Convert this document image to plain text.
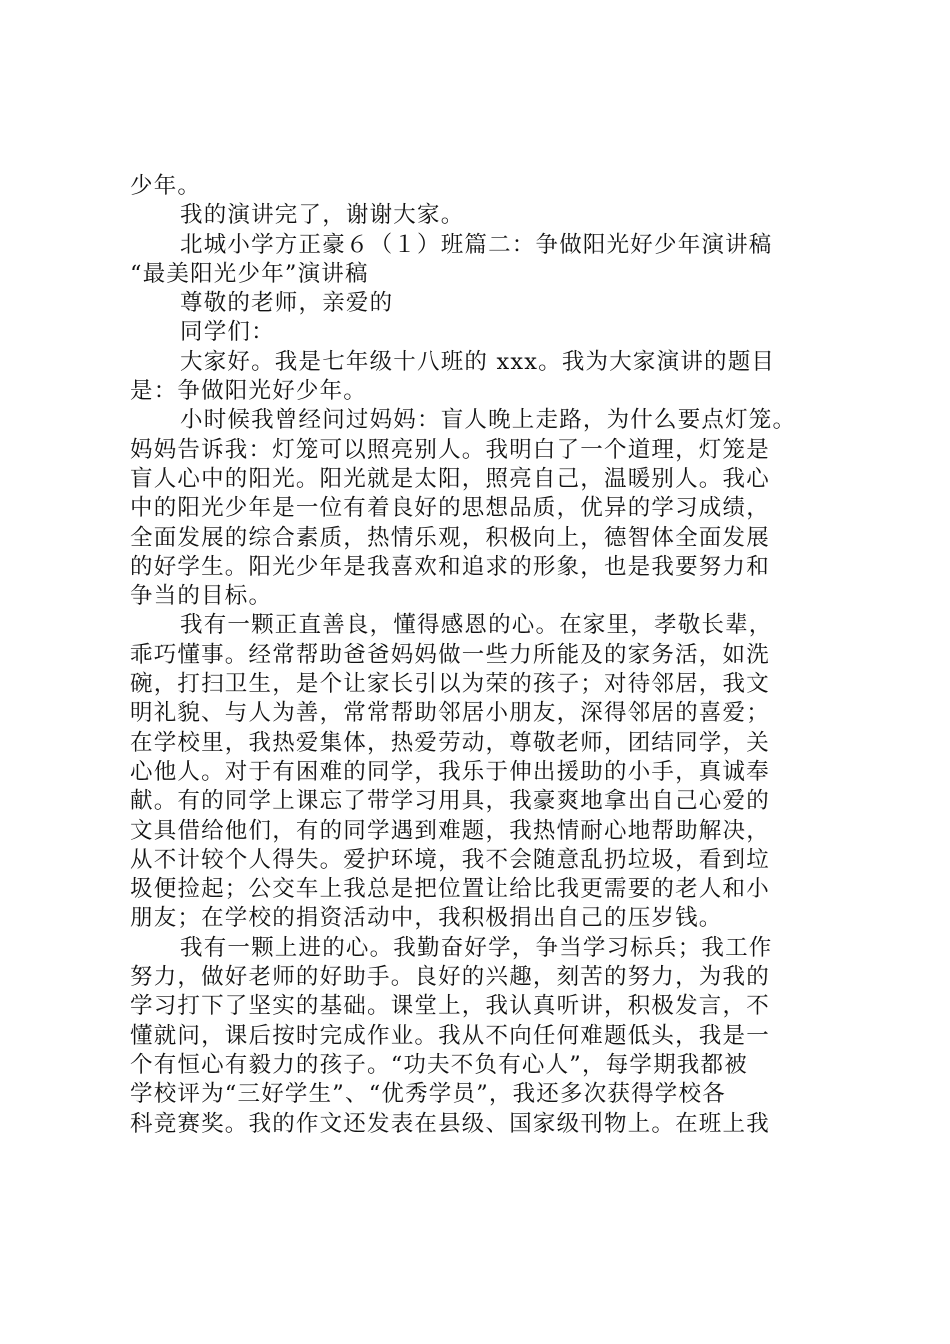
少年。
我的演讲完了，谢谢大家。
北城小学方正豪６（１）班篇二：争做阳光好少年演讲稿
“最美阳光少年”演讲稿
尊敬的老师，亲爱的
同学们：
大家好。我是七年级十八班的 xxx。我为大家演讲的题目
是：争做阳光好少年。
小时候我曾经问过妈妈：盲人晚上走路，为什么要点灯笼。
妈妈告诉我：灯笼可以照亮别人。我明白了一个道理，灯笼是
盲人心中的阳光。阳光就是太阳，照亮自己，温暖别人。我心
中的阳光少年是一位有着良好的思想品质，优异的学习成绩，
全面发展的综合素质，热情乐观，积极向上，德智体全面发展
的好学生。阳光少年是我喜欢和追求的形象，也是我要努力和
争当的目标。
我有一颗正直善良，懂得感恩的心。在家里，孝敬长辈，
乖巧懂事。经常帮助爸爸妈妈做一些力所能及的家务活，如洗
碗，打扫卫生，是个让家长引以为荣的孩子；对待邻居，我文
明礼貌、与人为善，常常帮助邻居小朋友，深得邻居的喜爱；
在学校里，我热爱集体，热爱劳动，尊敬老师，团结同学，关
心他人。对于有困难的同学，我乐于伸出援助的小手，真诚奉
献。有的同学上课忘了带学习用具，我豪爽地拿出自己心爱的
文具借给他们，有的同学遇到难题，我热情耐心地帮助解决，
从不计较个人得失。爱护环境，我不会随意乱扔垃圾，看到垃
圾便捡起；公交车上我总是把位置让给比我更需要的老人和小
朋友；在学校的捐资活动中，我积极捐出自己的压岁钱。
我有一颗上进的心。我勤奋好学，争当学习标兵；我工作
努力，做好老师的好助手。良好的兴趣，刻苦的努力，为我的
学习打下了坚实的基础。课堂上，我认真听讲，积极发言，不
懂就问，课后按时完成作业。我从不向任何难题低头，我是一
个有恒心有毅力的孩子。“功夫不负有心人”，每学期我都被
学校评为“三好学生”、“优秀学员”，我还多次获得学校各
科竞赛奖。我的作文还发表在县级、国家级刊物上。在班上我
